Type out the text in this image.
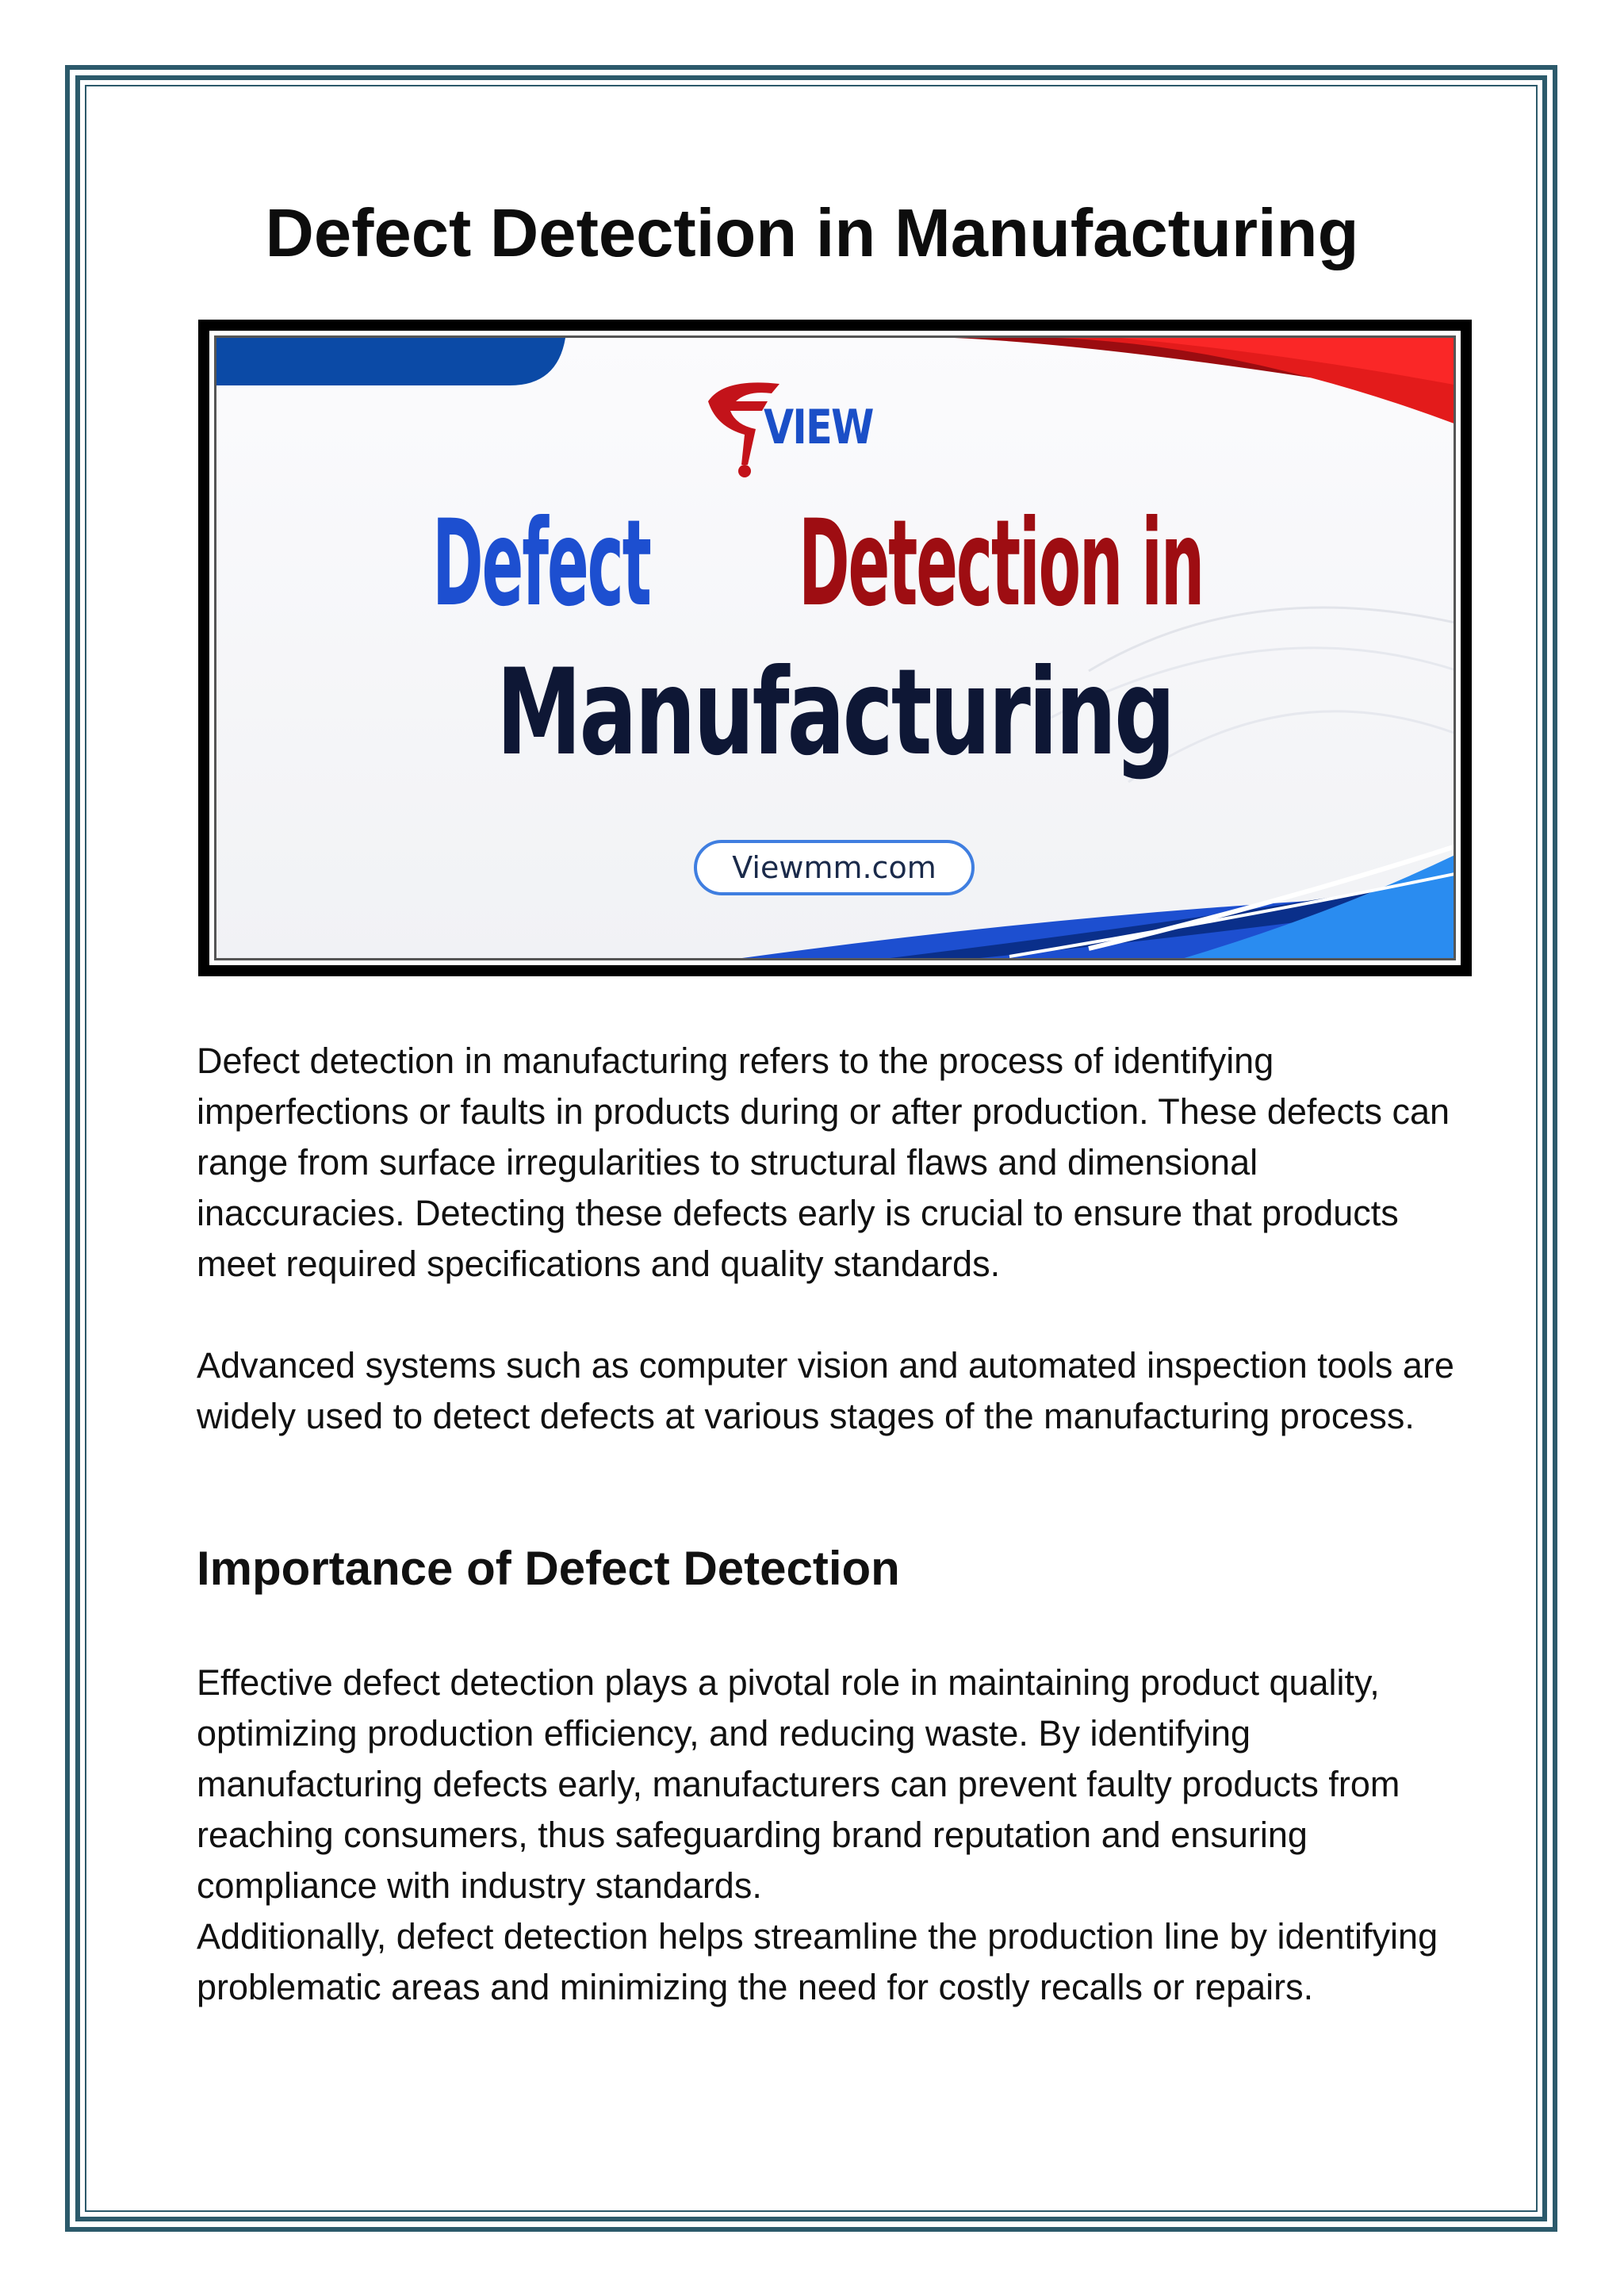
Defect Detection in Manufacturing
VIEW
Defect Detection in
Manufacturing
Viewmm.com

Defect detection in manufacturing refers to the process of identifying imperfections or faults in products during or after production. These defects can range from surface irregularities to structural flaws and dimensional inaccuracies. Detecting these defects early is crucial to ensure that products meet required specifications and quality standards.

Advanced systems such as computer vision and automated inspection tools are widely used to detect defects at various stages of the manufacturing process.

Importance of Defect Detection

Effective defect detection plays a pivotal role in maintaining product quality, optimizing production efficiency, and reducing waste. By identifying manufacturing defects early, manufacturers can prevent faulty products from reaching consumers, thus safeguarding brand reputation and ensuring compliance with industry standards.

Additionally, defect detection helps streamline the production line by identifying problematic areas and minimizing the need for costly recalls or repairs.
